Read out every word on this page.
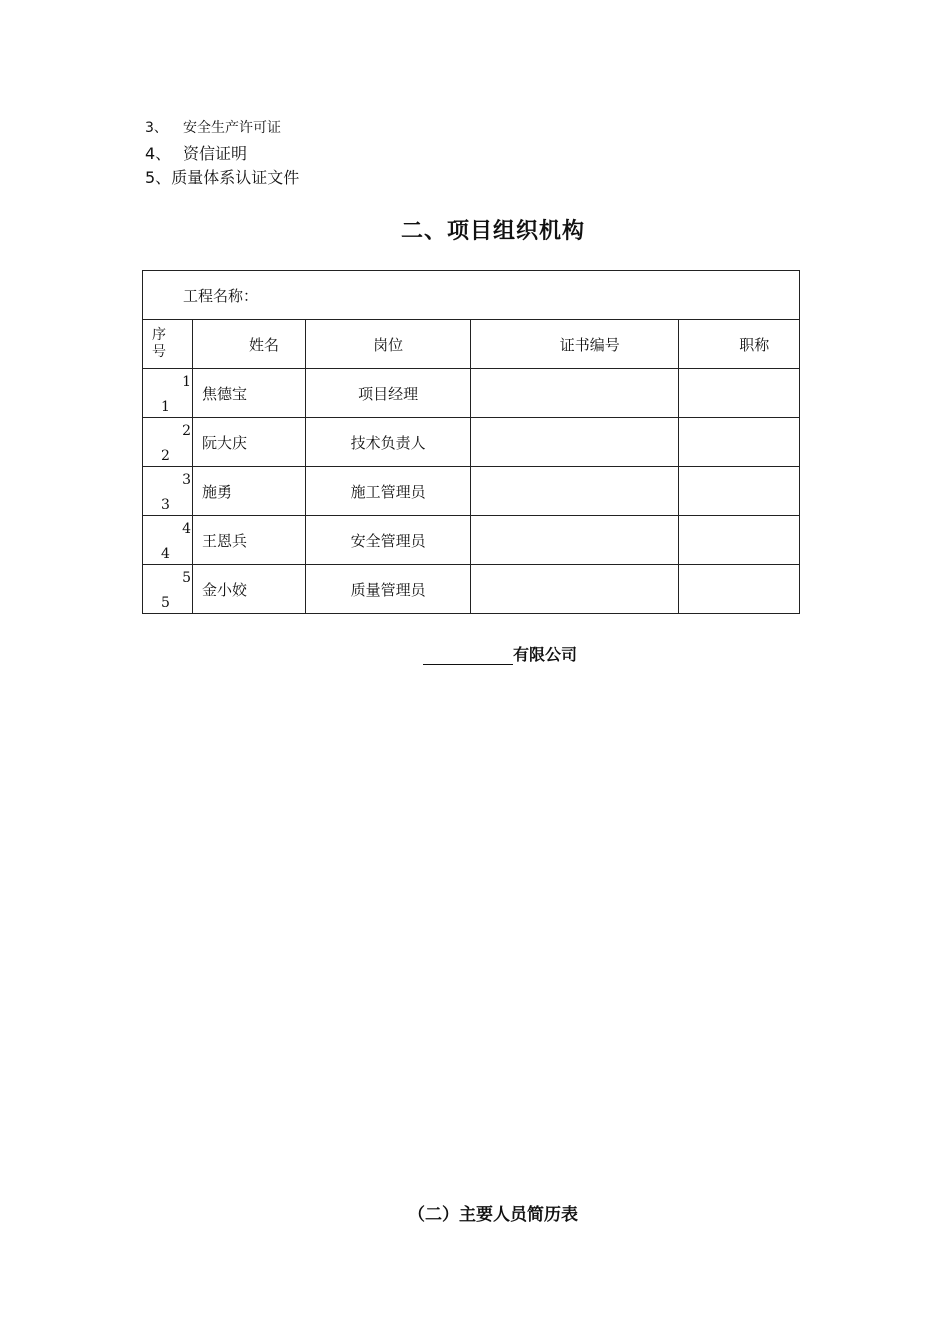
3、 安全生产许可证
4、 资信证明
5、质量体系认证文件
二、项目组织机构
工程名称：				
序号	姓名	岗位	证书编号	职称

1
1	焦德宝	项目经理		

2
2	阮大庆	技术负责人		

3
3	施勇	施工管理员		

4
4	王恩兵	安全管理员		

5
5	金小姣	质量管理员		
有限公司
（二）主要人员简历表
